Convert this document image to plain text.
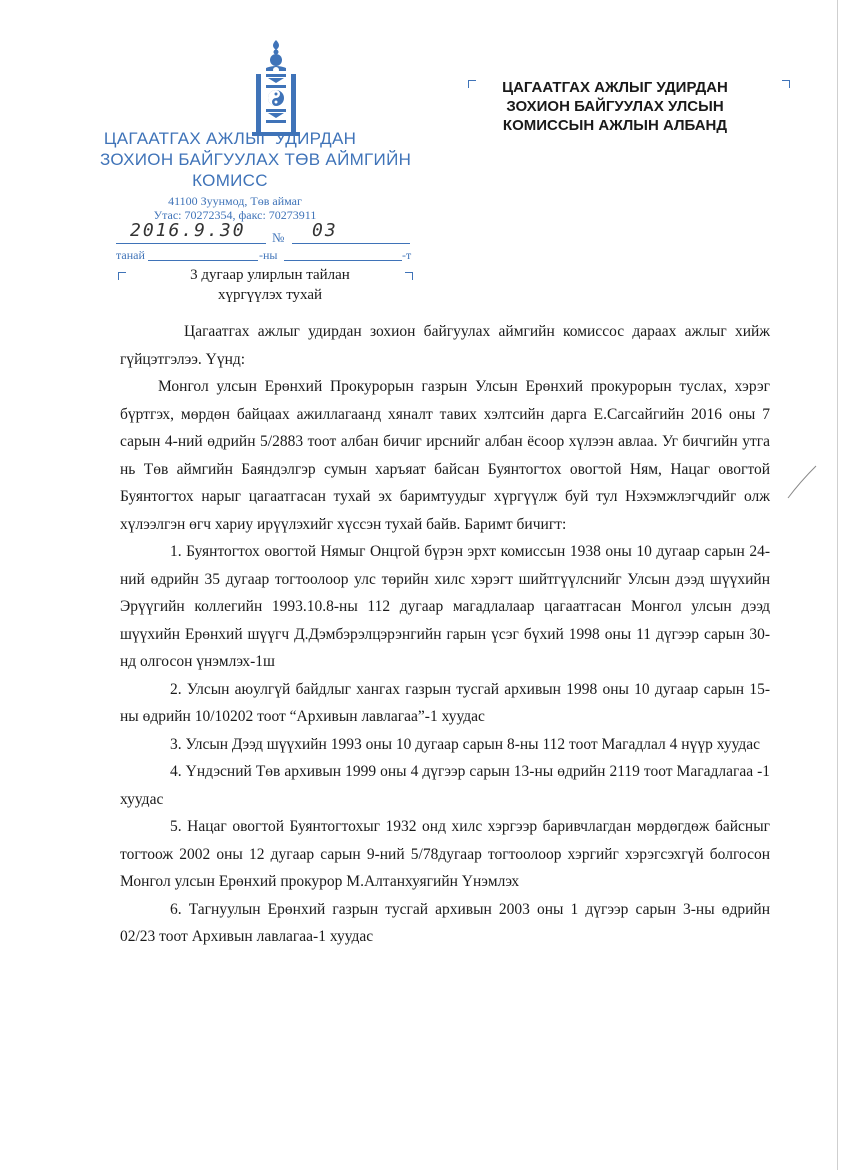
ЦАГААТГАХ АЖЛЫГ УДИРДАН
ЗОХИОН БАЙГУУЛАХ ТӨВ АЙМГИЙН
КОМИСС
41100 Зуунмод, Төв аймаг
Утас: 70272354, факс: 70273911
2016.9.30 № 03
танай	-ны	-т
3 дугаар улирлын тайлан
хүргүүлэх тухай
ЦАГААТГАХ АЖЛЫГ УДИРДАН
ЗОХИОН БАЙГУУЛАХ УЛСЫН
КОМИССЫН АЖЛЫН АЛБАНД

Цагаатгах ажлыг удирдан зохион байгуулах аймгийн комиссос дараах ажлыг хийж гүйцэтгэлээ. Үүнд:

Монгол улсын Ерөнхий Прокурорын газрын Улсын Ерөнхий прокурорын туслах, хэрэг бүртгэх, мөрдөн байцаах ажиллагаанд хяналт тавих хэлтсийн дарга Е.Сагсайгийн 2016 оны 7 сарын 4-ний өдрийн 5/2883 тоот албан бичиг ирснийг албан ёсоор хүлээн авлаа. Уг бичгийн утга нь Төв аймгийн Баяндэлгэр сумын харъяат байсан Буянтогтох овогтой Ням, Нацаг овогтой Буянтогтох нарыг цагаатгасан тухай эх баримтуудыг хүргүүлж буй тул Нэхэмжлэгчдийг олж хүлээлгэн өгч хариу ирүүлэхийг хүссэн тухай байв. Баримт бичигт:

1. Буянтогтох овогтой Нямыг Онцгой бүрэн эрхт комиссын 1938 оны 10 дугаар сарын 24-ний өдрийн 35 дугаар тогтоолоор улс төрийн хилс хэрэгт шийтгүүлснийг Улсын дээд шүүхийн Эрүүгийн коллегийн 1993.10.8-ны 112 дугаар магадлалаар цагаатгасан Монгол улсын дээд шүүхийн Ерөнхий шүүгч Д.Дэмбэрэлцэрэнгийн гарын үсэг бүхий 1998 оны 11 дүгээр сарын 30-нд олгосон үнэмлэх-1ш

2. Улсын аюулгүй байдлыг хангах газрын тусгай архивын 1998 оны 10 дугаар сарын 15-ны өдрийн 10/10202 тоот “Архивын лавлагаа”-1 хуудас

3. Улсын Дээд шүүхийн 1993 оны 10 дугаар сарын 8-ны 112 тоот Магадлал 4 нүүр хуудас

4. Үндэсний Төв архивын 1999 оны 4 дүгээр сарын 13-ны өдрийн 2119 тоот Магадлагаа -1 хуудас

5. Нацаг овогтой Буянтогтохыг 1932 онд хилс хэргээр баривчлагдан мөрдөгдөж байсныг тогтоож 2002 оны 12 дугаар сарын 9-ний 5/78дугаар тогтоолоор хэргийг хэрэгсэхгүй болгосон Монгол улсын Ерөнхий прокурор М.Алтанхуягийн Үнэмлэх

6. Тагнуулын Ерөнхий газрын тусгай архивын 2003 оны 1 дүгээр сарын 3-ны өдрийн 02/23 тоот Архивын лавлагаа-1 хуудас
